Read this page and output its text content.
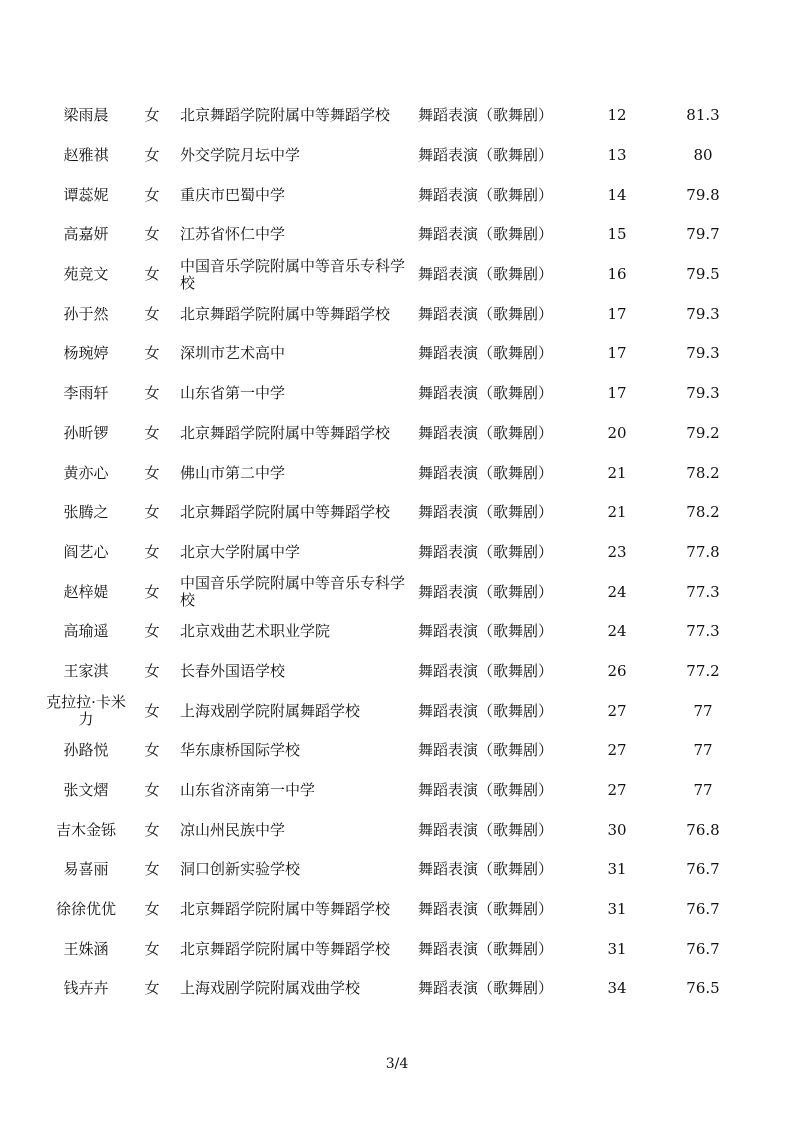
梁雨晨	女	北京舞蹈学院附属中等舞蹈学校	舞蹈表演（歌舞剧）	12	81.3
赵雅祺	女	外交学院月坛中学	舞蹈表演（歌舞剧）	13	80
谭蕊妮	女	重庆市巴蜀中学	舞蹈表演（歌舞剧）	14	79.8
高嘉妍	女	江苏省怀仁中学	舞蹈表演（歌舞剧）	15	79.7
苑竞文	女	中国音乐学院附属中等音乐专科学校	舞蹈表演（歌舞剧）	16	79.5
孙于然	女	北京舞蹈学院附属中等舞蹈学校	舞蹈表演（歌舞剧）	17	79.3
杨琬婷	女	深圳市艺术高中	舞蹈表演（歌舞剧）	17	79.3
李雨轩	女	山东省第一中学	舞蹈表演（歌舞剧）	17	79.3
孙昕锣	女	北京舞蹈学院附属中等舞蹈学校	舞蹈表演（歌舞剧）	20	79.2
黄亦心	女	佛山市第二中学	舞蹈表演（歌舞剧）	21	78.2
张腾之	女	北京舞蹈学院附属中等舞蹈学校	舞蹈表演（歌舞剧）	21	78.2
阎艺心	女	北京大学附属中学	舞蹈表演（歌舞剧）	23	77.8
赵梓媞	女	中国音乐学院附属中等音乐专科学校	舞蹈表演（歌舞剧）	24	77.3
高瑜遥	女	北京戏曲艺术职业学院	舞蹈表演（歌舞剧）	24	77.3
王家淇	女	长春外国语学校	舞蹈表演（歌舞剧）	26	77.2
克拉拉·卡米力	女	上海戏剧学院附属舞蹈学校	舞蹈表演（歌舞剧）	27	77
孙路悦	女	华东康桥国际学校	舞蹈表演（歌舞剧）	27	77
张文熠	女	山东省济南第一中学	舞蹈表演（歌舞剧）	27	77
吉木金铄	女	凉山州民族中学	舞蹈表演（歌舞剧）	30	76.8
易喜丽	女	洞口创新实验学校	舞蹈表演（歌舞剧）	31	76.7
徐徐优优	女	北京舞蹈学院附属中等舞蹈学校	舞蹈表演（歌舞剧）	31	76.7
王姝涵	女	北京舞蹈学院附属中等舞蹈学校	舞蹈表演（歌舞剧）	31	76.7
钱卉卉	女	上海戏剧学院附属戏曲学校	舞蹈表演（歌舞剧）	34	76.5
3/4
